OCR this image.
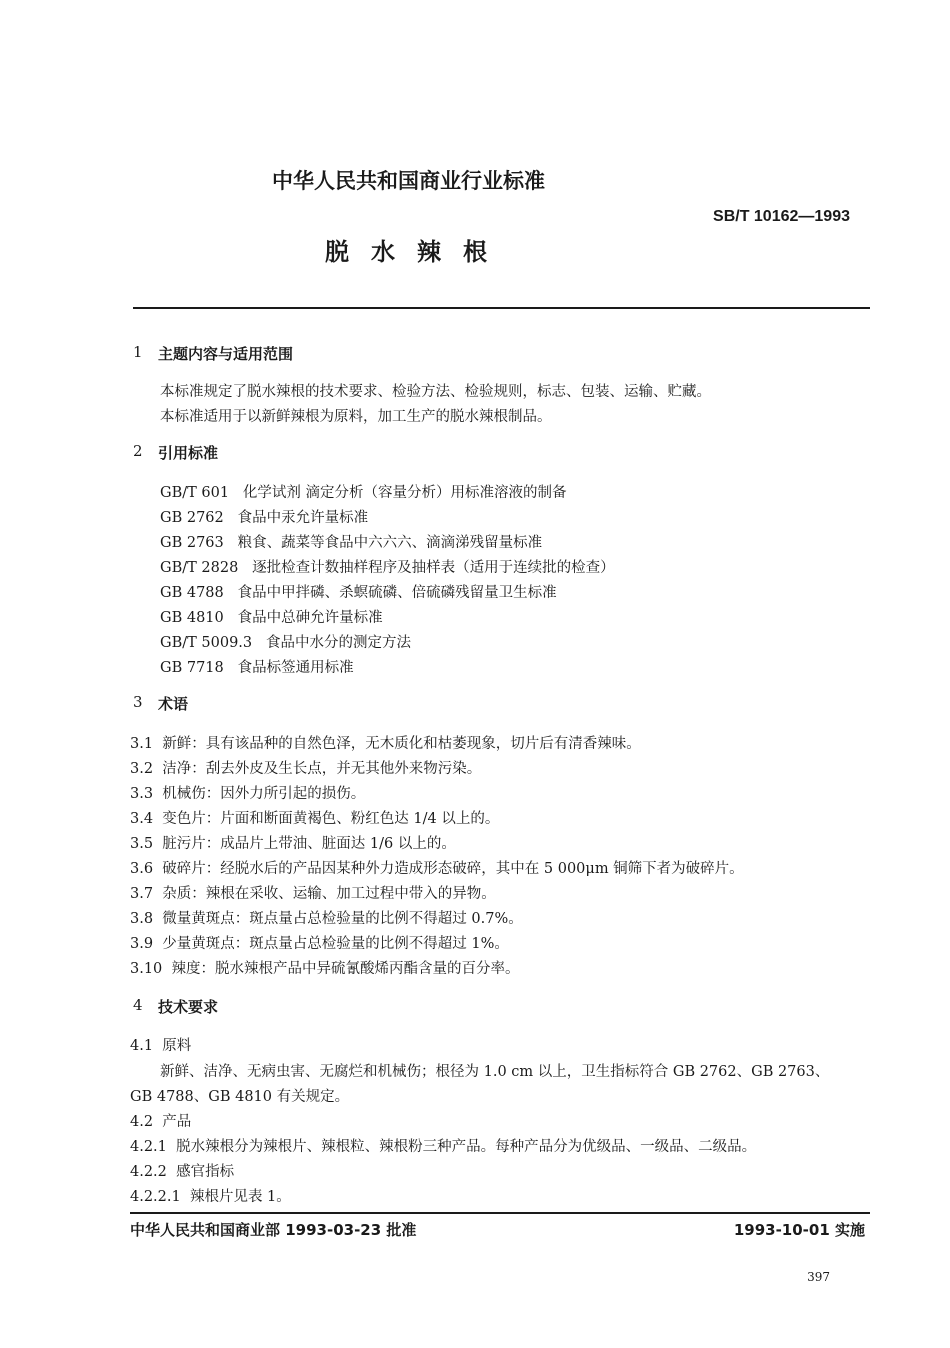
中华人民共和国商业行业标准
SB/T 10162—1993
脱水辣根
1 主题内容与适用范围
本标准规定了脱水辣根的技术要求、检验方法、检验规则，标志、包装、运输、贮藏。
本标准适用于以新鲜辣根为原料，加工生产的脱水辣根制品。
2 引用标准
GB/T 601 化学试剂 滴定分析（容量分析）用标准溶液的制备
GB 2762 食品中汞允许量标准
GB 2763 粮食、蔬菜等食品中六六六、滴滴涕残留量标准
GB/T 2828 逐批检查计数抽样程序及抽样表（适用于连续批的检查）
GB 4788 食品中甲拌磷、杀螟硫磷、倍硫磷残留量卫生标准
GB 4810 食品中总砷允许量标准
GB/T 5009.3 食品中水分的测定方法
GB 7718 食品标签通用标准
3 术语
3.1 新鲜：具有该品种的自然色泽，无木质化和枯萎现象，切片后有清香辣味。
3.2 洁净：刮去外皮及生长点，并无其他外来物污染。
3.3 机械伤：因外力所引起的损伤。
3.4 变色片：片面和断面黄褐色、粉红色达 1/4 以上的。
3.5 脏污片：成品片上带油、脏面达 1/6 以上的。
3.6 破碎片：经脱水后的产品因某种外力造成形态破碎，其中在 5 000μm 铜筛下者为破碎片。
3.7 杂质：辣根在采收、运输、加工过程中带入的异物。
3.8 微量黄斑点：斑点量占总检验量的比例不得超过 0.7%。
3.9 少量黄斑点：斑点量占总检验量的比例不得超过 1%。
3.10 辣度：脱水辣根产品中异硫氰酸烯丙酯含量的百分率。
4 技术要求
4.1 原料
新鲜、洁净、无病虫害、无腐烂和机械伤；根径为 1.0 cm 以上，卫生指标符合 GB 2762、GB 2763、
GB 4788、GB 4810 有关规定。
4.2 产品
4.2.1 脱水辣根分为辣根片、辣根粒、辣根粉三种产品。每种产品分为优级品、一级品、二级品。
4.2.2 感官指标
4.2.2.1 辣根片见表 1。
中华人民共和国商业部 1993-03-23 批准	1993-10-01 实施
397
